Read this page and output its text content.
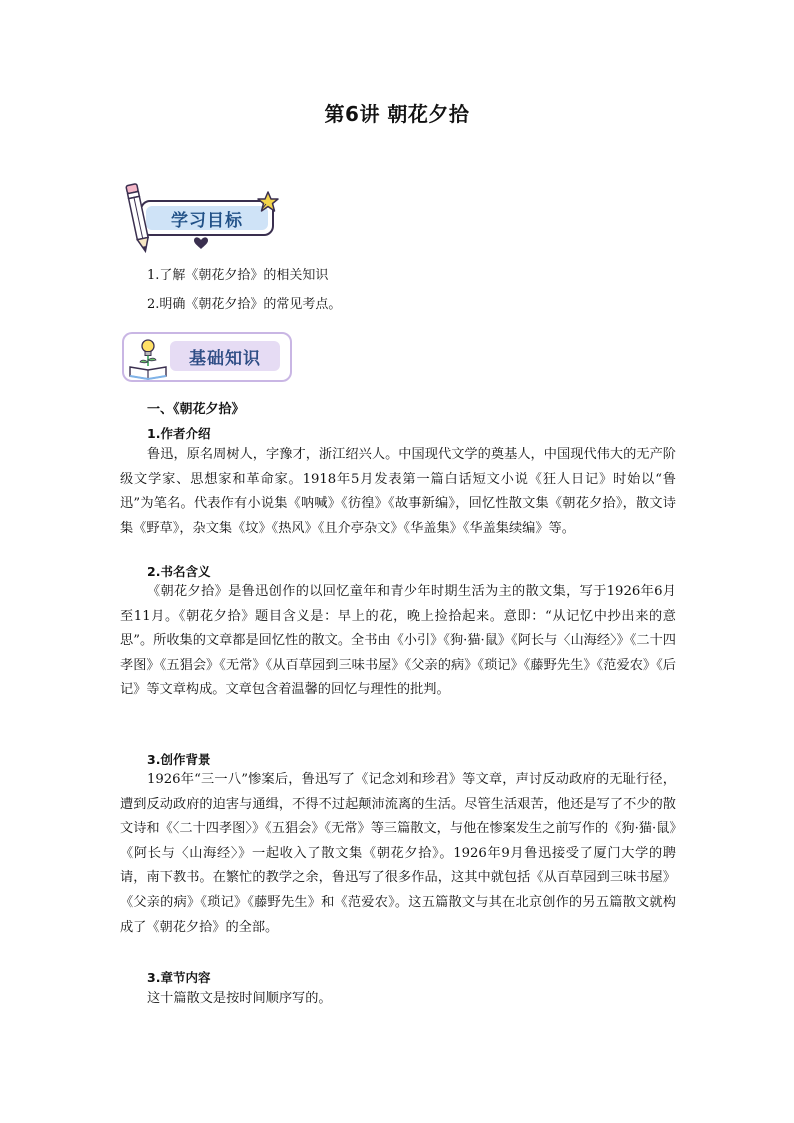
第6讲 朝花夕拾
学习目标
1.了解《朝花夕拾》的相关知识
2.明确《朝花夕拾》的常见考点。
基础知识
一、《朝花夕拾》
1.作者介绍

鲁迅，原名周树人，字豫才，浙江绍兴人。中国现代文学的奠基人，中国现代伟大的无产阶级文学家、思想家和革命家。1918年5月发表第一篇白话短文小说《狂人日记》时始以“鲁迅”为笔名。代表作有小说集《呐喊》《彷徨》《故事新编》，回忆性散文集《朝花夕拾》，散文诗集《野草》，杂文集《坟》《热风》《且介亭杂文》《华盖集》《华盖集续编》等。

2.书名含义

《朝花夕拾》是鲁迅创作的以回忆童年和青少年时期生活为主的散文集，写于1926年6月至11月。《朝花夕拾》题目含义是：早上的花，晚上捡拾起来。意即：“从记忆中抄出来的意思”。所收集的文章都是回忆性的散文。全书由《小引》《狗·猫·鼠》《阿长与〈山海经〉》《二十四孝图》《五猖会》《无常》《从百草园到三味书屋》《父亲的病》《琐记》《藤野先生》《范爱农》《后记》等文章构成。文章包含着温馨的回忆与理性的批判。

3.创作背景

1926年“三一八”惨案后，鲁迅写了《记念刘和珍君》等文章，声讨反动政府的无耻行径，遭到反动政府的迫害与通缉，不得不过起颠沛流离的生活。尽管生活艰苦，他还是写了不少的散文诗和《〈二十四孝图〉》《五猖会》《无常》等三篇散文，与他在惨案发生之前写作的《狗·猫·鼠》《阿长与〈山海经〉》一起收入了散文集《朝花夕拾》。1926年9月鲁迅接受了厦门大学的聘请，南下教书。在繁忙的教学之余，鲁迅写了很多作品，这其中就包括《从百草园到三味书屋》《父亲的病》《琐记》《藤野先生》和《范爱农》。这五篇散文与其在北京创作的另五篇散文就构成了《朝花夕拾》的全部。

3.章节内容

这十篇散文是按时间顺序写的。
